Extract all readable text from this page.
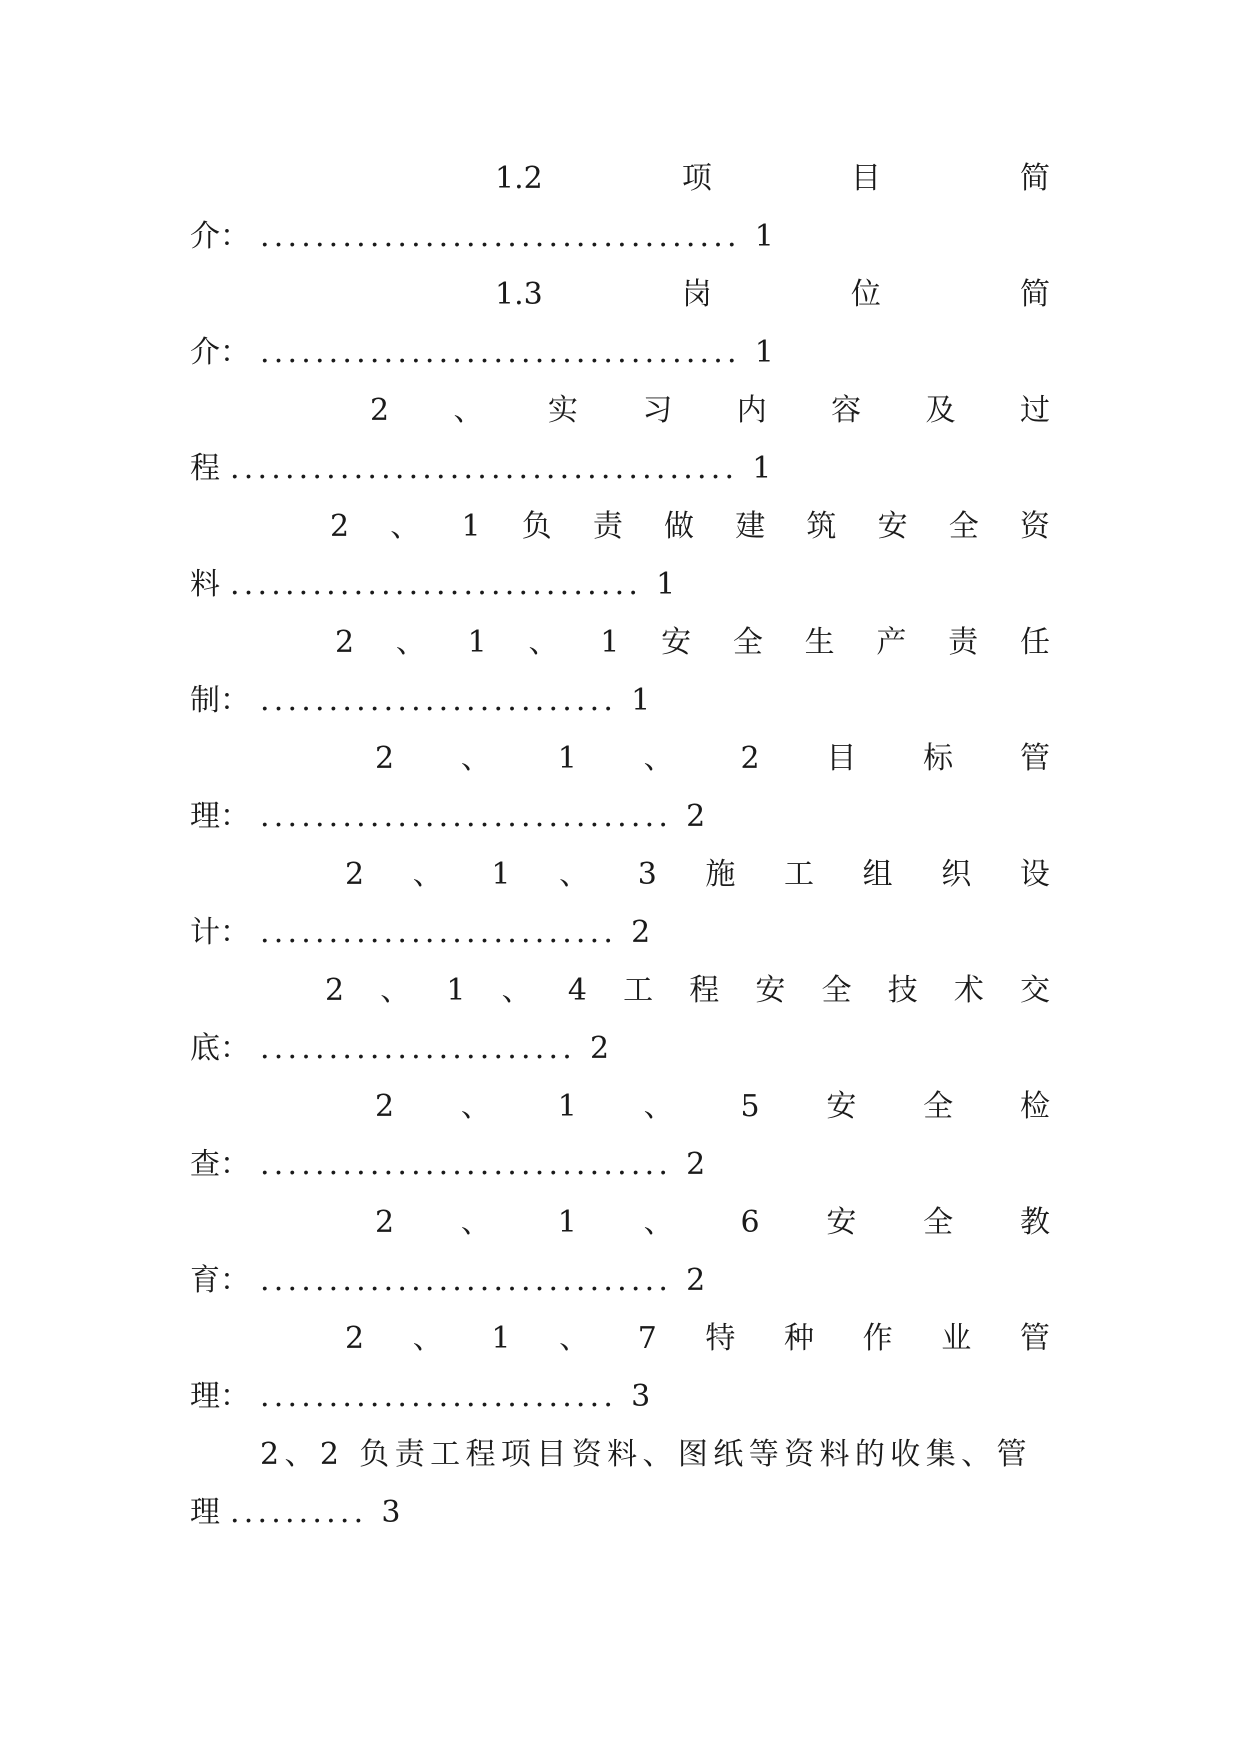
1.2	项	目	简
介： ................................... 1
1.3	岗	位	简
介： ................................... 1
2 、 实 习 内 容 及 过
程 ..................................... 1
2 、 1 负 责 做 建 筑 安 全 资
料 .............................. 1
2 、 1 、 1 安 全 生 产 责 任
制： .......................... 1
2 、 1 、 2 目 标 管
理： .............................. 2
2 、 1 、 3 施 工 组 织 设
计： .......................... 2
2 、 1 、 4 工 程 安 全 技 术 交
底： ....................... 2
2 、 1 、 5 安 全 检
查： .............................. 2
2 、 1 、 6 安 全 教
育： .............................. 2
2 、 1 、 7 特 种 作 业 管
理： .......................... 3
2、2 负责工程项目资料、图纸等资料的收集、管
理 .......... 3
